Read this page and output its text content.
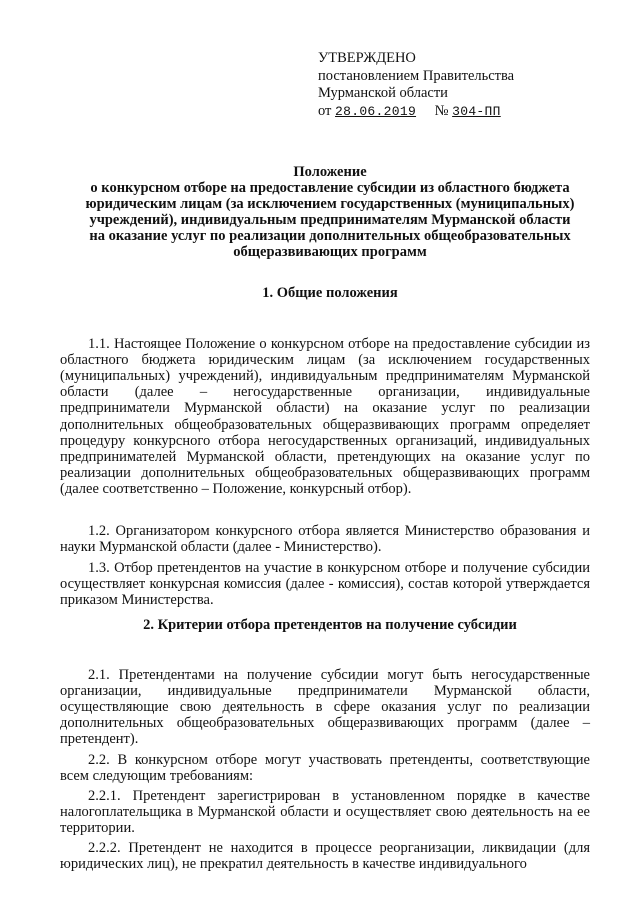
УТВЕРЖДЕНО
постановлением Правительства
Мурманской области
от 28.06.2019 № 304-ПП
Положение
о конкурсном отборе на предоставление субсидии из областного бюджета
юридическим лицам (за исключением государственных (муниципальных)
учреждений), индивидуальным предпринимателям Мурманской области
на оказание услуг по реализации дополнительных общеобразовательных
общеразвивающих программ
1. Общие положения

1.1. Настоящее Положение о конкурсном отборе на предоставление субсидии из областного бюджета юридическим лицам (за исключением государственных (муниципальных) учреждений), индивидуальным предпринимателям Мурманской области (далее – негосударственные организации, индивидуальные предприниматели Мурманской области) на оказание услуг по реализации дополнительных общеобразовательных общеразвивающих программ определяет процедуру конкурсного отбора негосударственных организаций, индивидуальных предпринимателей Мурманской области, претендующих на оказание услуг по реализации дополнительных общеобразовательных общеразвивающих программ (далее соответственно – Положение, конкурсный отбор).

1.2. Организатором конкурсного отбора является Министерство образования и науки Мурманской области (далее - Министерство).

1.3. Отбор претендентов на участие в конкурсном отборе и получение субсидии осуществляет конкурсная комиссия (далее - комиссия), состав которой утверждается приказом Министерства.

2. Критерии отбора претендентов на получение субсидии

2.1. Претендентами на получение субсидии могут быть негосударственные организации, индивидуальные предприниматели Мурманской области, осуществляющие свою деятельность в сфере оказания услуг по реализации дополнительных общеобразовательных общеразвивающих программ (далее – претендент).

2.2. В конкурсном отборе могут участвовать претенденты, соответствующие всем следующим требованиям:

2.2.1. Претендент зарегистрирован в установленном порядке в качестве налогоплательщика в Мурманской области и осуществляет свою деятельность на ее территории.

2.2.2. Претендент не находится в процессе реорганизации, ликвидации (для юридических лиц), не прекратил деятельность в качестве индивидуального
